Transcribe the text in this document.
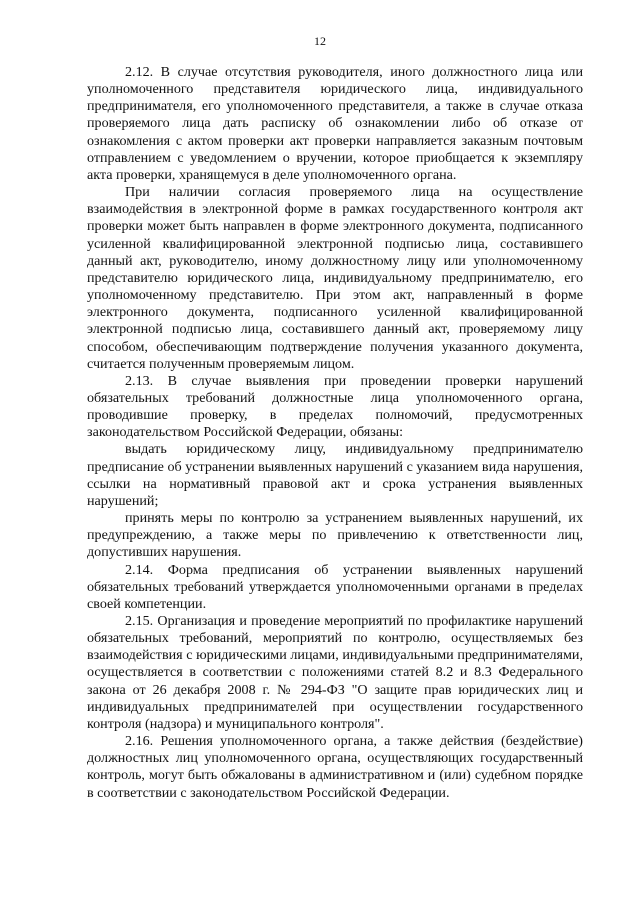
12

2.12. В случае отсутствия руководителя, иного должностного лица или уполномоченного представителя юридического лица, индивидуального предпринимателя, его уполномоченного представителя, а также в случае отказа проверяемого лица дать расписку об ознакомлении либо об отказе от ознакомления с актом проверки акт проверки направляется заказным почтовым отправлением с уведомлением о вручении, которое приобщается к экземпляру акта проверки, хранящемуся в деле уполномоченного органа.

При наличии согласия проверяемого лица на осуществление взаимодействия в электронной форме в рамках государственного контроля акт проверки может быть направлен в форме электронного документа, подписанного усиленной квалифицированной электронной подписью лица, составившего данный акт, руководителю, иному должностному лицу или уполномоченному представителю юридического лица, индивидуальному предпринимателю, его уполномоченному представителю. При этом акт, направленный в форме электронного документа, подписанного усиленной квалифицированной электронной подписью лица, составившего данный акт, проверяемому лицу способом, обеспечивающим подтверждение получения указанного документа, считается полученным проверяемым лицом.

2.13. В случае выявления при проведении проверки нарушений обязательных требований должностные лица уполномоченного органа, проводившие проверку, в пределах полномочий, предусмотренных законодательством Российской Федерации, обязаны:

выдать юридическому лицу, индивидуальному предпринимателю предписание об устранении выявленных нарушений с указанием вида нарушения, ссылки на нормативный правовой акт и срока устранения выявленных нарушений;

принять меры по контролю за устранением выявленных нарушений, их предупреждению, а также меры по привлечению к ответственности лиц, допустивших нарушения.

2.14. Форма предписания об устранении выявленных нарушений обязательных требований утверждается уполномоченными органами в пределах своей компетенции.

2.15. Организация и проведение мероприятий по профилактике нарушений обязательных требований, мероприятий по контролю, осуществляемых без взаимодействия с юридическими лицами, индивидуальными предпринимателями, осуществляется в соответствии с положениями статей 8.2 и 8.3 Федерального закона от 26 декабря 2008 г. № 294-ФЗ "О защите прав юридических лиц и индивидуальных предпринимателей при осуществлении государственного контроля (надзора) и муниципального контроля".

2.16. Решения уполномоченного органа, а также действия (бездействие) должностных лиц уполномоченного органа, осуществляющих государственный контроль, могут быть обжалованы в административном и (или) судебном порядке в соответствии с законодательством Российской Федерации.
